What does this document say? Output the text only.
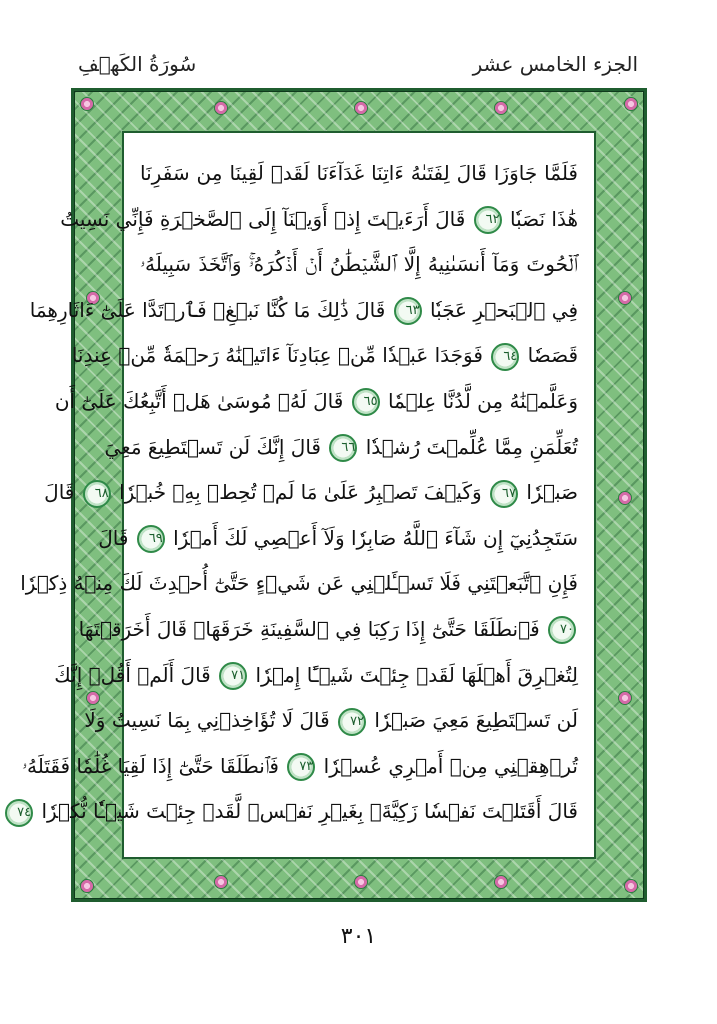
الجزء الخامس عشر
سُورَةُ الكَهۡفِ
فَلَمَّا جَاوَزَا قَالَ لِفَتَىٰهُ ءَاتِنَا غَدَآءَنَا لَقَدۡ لَقِينَا مِن سَفَرِنَا
هَٰذَا نَصَبٗا ٦٢ قَالَ أَرَءَيۡتَ إِذۡ أَوَيۡنَآ إِلَى ٱلصَّخۡرَةِ فَإِنِّي نَسِيتُ
ٱلۡحُوتَ وَمَآ أَنسَىٰنِيهُ إِلَّا ٱلشَّيۡطَٰنُ أَنۡ أَذۡكُرَهُۥۚ وَٱتَّخَذَ سَبِيلَهُۥ
فِي ٱلۡبَحۡرِ عَجَبٗا ٦٣ قَالَ ذَٰلِكَ مَا كُنَّا نَبۡغِۚ فَٱرۡتَدَّا عَلَىٰٓ ءَاثَارِهِمَا
قَصَصٗا ٦٤ فَوَجَدَا عَبۡدٗا مِّنۡ عِبَادِنَآ ءَاتَيۡنَٰهُ رَحۡمَةٗ مِّنۡ عِندِنَا
وَعَلَّمۡنَٰهُ مِن لَّدُنَّا عِلۡمٗا ٦٥ قَالَ لَهُۥ مُوسَىٰ هَلۡ أَتَّبِعُكَ عَلَىٰٓ أَن
تُعَلِّمَنِ مِمَّا عُلِّمۡتَ رُشۡدٗا ٦٦ قَالَ إِنَّكَ لَن تَسۡتَطِيعَ مَعِيَ
صَبۡرٗا ٦٧ وَكَيۡفَ تَصۡبِرُ عَلَىٰ مَا لَمۡ تُحِطۡ بِهِۦ خُبۡرٗا ٦٨ قَالَ
سَتَجِدُنِيٓ إِن شَآءَ ٱللَّهُ صَابِرٗا وَلَآ أَعۡصِي لَكَ أَمۡرٗا ٦٩ قَالَ
فَإِنِ ٱتَّبَعۡتَنِي فَلَا تَسۡـَٔلۡنِي عَن شَيۡءٍ حَتَّىٰٓ أُحۡدِثَ لَكَ مِنۡهُ ذِكۡرٗا
٧٠ فَٱنطَلَقَا حَتَّىٰٓ إِذَا رَكِبَا فِي ٱلسَّفِينَةِ خَرَقَهَاۖ قَالَ أَخَرَقۡتَهَا
لِتُغۡرِقَ أَهۡلَهَا لَقَدۡ جِئۡتَ شَيۡـًٔا إِمۡرٗا ٧١ قَالَ أَلَمۡ أَقُلۡ إِنَّكَ
لَن تَسۡتَطِيعَ مَعِيَ صَبۡرٗا ٧٢ قَالَ لَا تُؤَاخِذۡنِي بِمَا نَسِيتُ وَلَا
تُرۡهِقۡنِي مِنۡ أَمۡرِي عُسۡرٗا ٧٣ فَٱنطَلَقَا حَتَّىٰٓ إِذَا لَقِيَا غُلَٰمٗا فَقَتَلَهُۥ
قَالَ أَقَتَلۡتَ نَفۡسٗا زَكِيَّةَۢ بِغَيۡرِ نَفۡسٖ لَّقَدۡ جِئۡتَ شَيۡـٔٗا نُّكۡرٗا ٧٤
٣٠١
